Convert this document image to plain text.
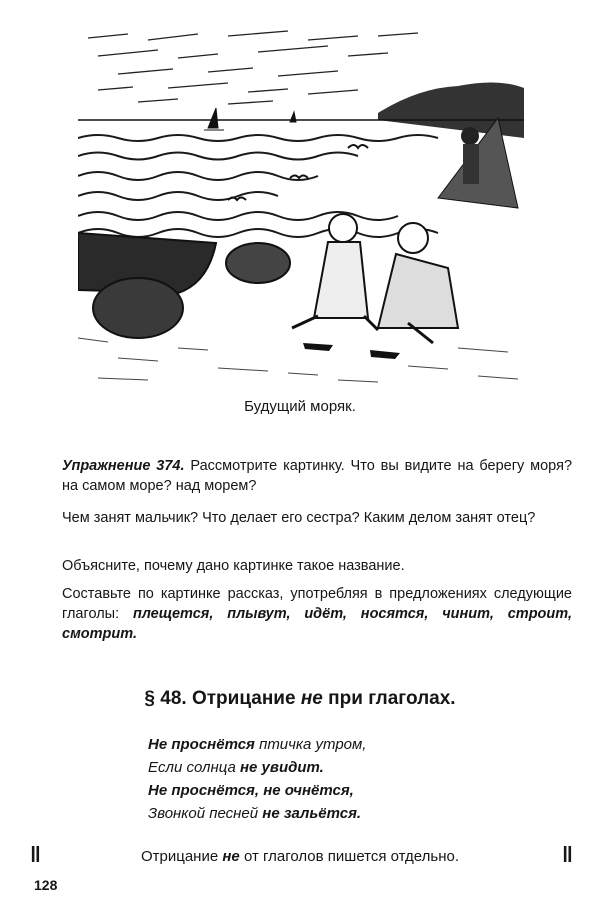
Будущий моряк.
Упражнение 374. Рассмотрите картинку. Что вы видите на берегу моря? на самом море? над морем?
Чем занят мальчик? Что делает его сестра? Каким делом занят отец?
Объясните, почему дано картинке такое название.
Составьте по картинке рассказ, употребляя в предложениях следующие глаголы: плещется, плывут, идёт, носятся, чинит, строит, смотрит.
§ 48. Отрицание не при глаголах.
Не проснётся птичка утром,
Если солнца не увидит.
Не проснётся, не очнётся,
Звонкой песней не зальётся.
‖	Отрицание не от глаголов пишется отдельно.	‖
128
